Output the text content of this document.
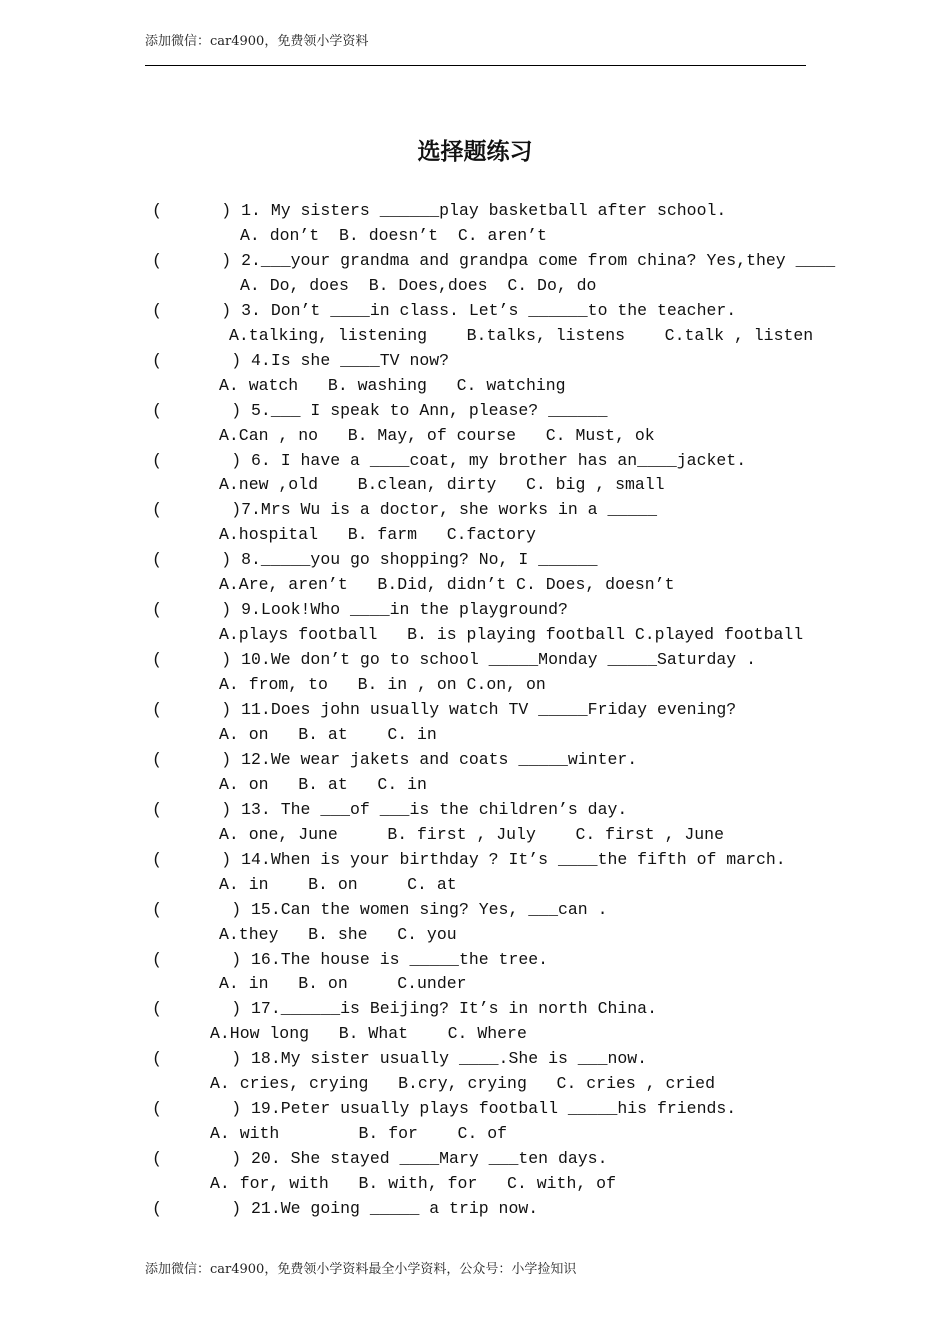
添加微信：car4900，免费领小学资料
选择题练习
(      ) 1. My sisters ______play basketball after school.
A. don’t  B. doesn’t  C. aren’t
(      ) 2.___your grandma and grandpa come from china? Yes,they ____
A. Do, does  B. Does,does  C. Do, do
(      ) 3. Don’t ____in class. Let’s ______to the teacher.
A.talking, listening    B.talks, listens    C.talk , listen
(       ) 4.Is she ____TV now?
A. watch   B. washing   C. watching
(       ) 5.___ I speak to Ann, please? ______
A.Can , no   B. May, of course   C. Must, ok
(       ) 6. I have a ____coat, my brother has an____jacket.
A.new ,old    B.clean, dirty   C. big , small
(       )7.Mrs Wu is a doctor, she works in a _____
A.hospital   B. farm   C.factory
(      ) 8._____you go shopping? No, I ______
A.Are, aren’t   B.Did, didn’t C. Does, doesn’t
(      ) 9.Look!Who ____in the playground?
A.plays football   B. is playing football C.played football
(      ) 10.We don’t go to school _____Monday _____Saturday .
A. from, to   B. in , on C.on, on
(      ) 11.Does john usually watch TV _____Friday evening?
A. on   B. at    C. in
(      ) 12.We wear jakets and coats _____winter.
A. on   B. at   C. in
(      ) 13. The ___of ___is the children’s day.
A. one, June     B. first , July    C. first , June
(      ) 14.When is your birthday ? It’s ____the fifth of march.
A. in    B. on     C. at
(       ) 15.Can the women sing? Yes, ___can .
A.they   B. she   C. you
(       ) 16.The house is _____the tree.
A. in   B. on     C.under
(       ) 17.______is Beijing? It’s in north China.
A.How long   B. What    C. Where
(       ) 18.My sister usually ____.She is ___now.
A. cries, crying   B.cry, crying   C. cries , cried
(       ) 19.Peter usually plays football _____his friends.
A. with        B. for    C. of
(       ) 20. She stayed ____Mary ___ten days.
A. for, with   B. with, for   C. with, of
(       ) 21.We going _____ a trip now.
添加微信：car4900，免费领小学资料最全小学资料，公众号：小学捡知识
